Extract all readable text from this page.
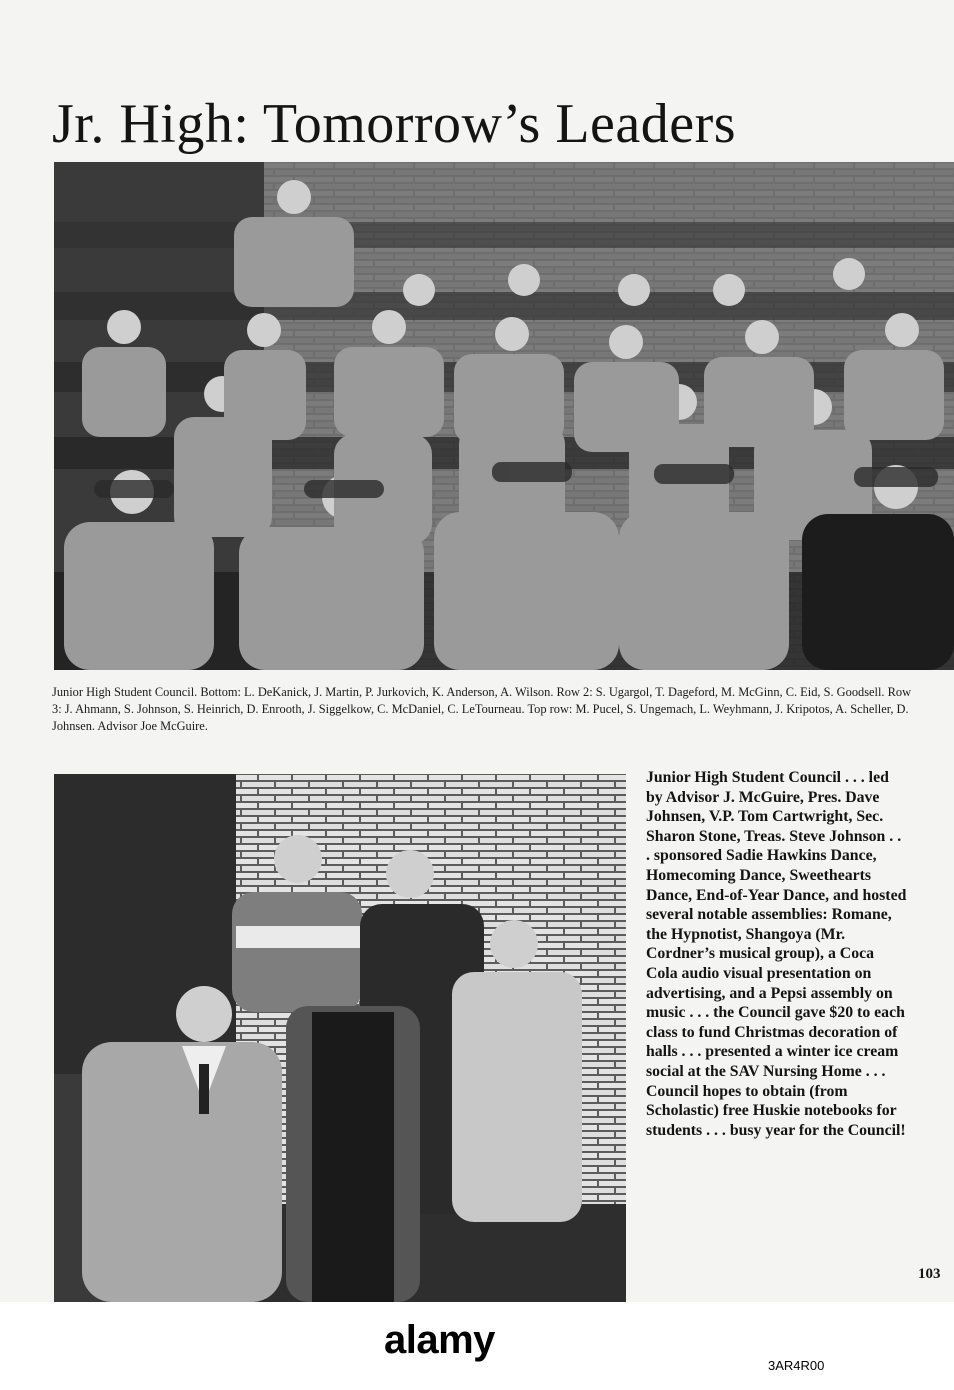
Jr. High: Tomorrow’s Leaders

Junior High Student Council. Bottom: L. DeKanick, J. Martin, P. Jurkovich, K. Anderson, A. Wilson. Row 2: S. Ugargol, T. Dageford, M. McGinn, C. Eid, S. Goodsell. Row 3: J. Ahmann, S. Johnson, S. Heinrich, D. Enrooth, J. Siggelkow, C. McDaniel, C. LeTourneau. Top row: M. Pucel, S. Ungemach, L. Weyhmann, J. Kripotos, A. Scheller, D. Johnsen. Advisor Joe McGuire.

Junior High Student Council . . . led by Advisor J. McGuire, Pres. Dave Johnsen, V.P. Tom Cartwright, Sec. Sharon Stone, Treas. Steve Johnson . . . sponsored Sadie Hawkins Dance, Homecoming Dance, Sweethearts Dance, End-of-Year Dance, and hosted several notable assemblies: Romane, the Hypnotist, Shangoya (Mr. Cordner’s musical group), a Coca Cola audio visual presentation on advertising, and a Pepsi assembly on music . . . the Council gave $20 to each class to fund Christmas decoration of halls . . . presented a winter ice cream social at the SAV Nursing Home . . . Council hopes to obtain (from Scholastic) free Huskie notebooks for students . . . busy year for the Council!

103
alamy
3AR4R00
